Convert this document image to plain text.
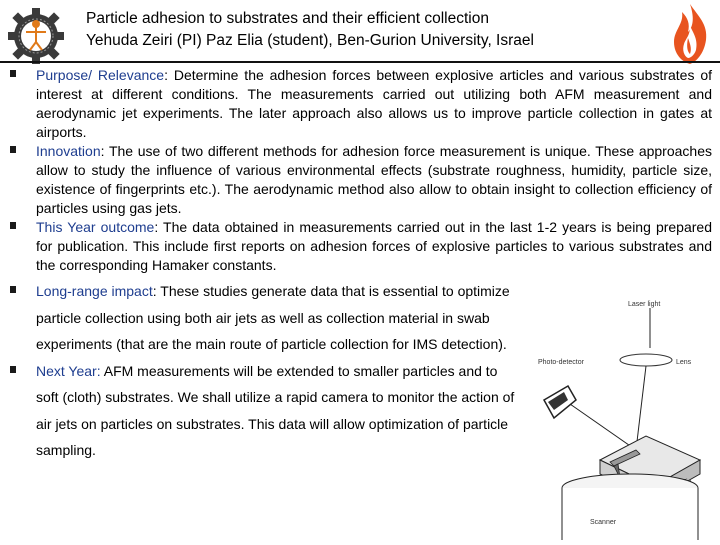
Particle adhesion to substrates and their efficient collection
Yehuda Zeiri (PI) Paz Elia (student), Ben-Gurion University, Israel

Purpose/ Relevance: Determine the adhesion forces between explosive articles and various substrates of interest at different conditions. The measurements carried out utilizing both AFM measurement and aerodynamic jet experiments. The later approach also allows us to improve particle collection in gates at airports.

Innovation: The use of two different methods for adhesion force measurement is unique. These approaches allow to study the influence of various environmental effects (substrate roughness, humidity, particle size, existence of fingerprints etc.). The aerodynamic method also allow to obtain insight to collection efficiency of particles using gas jets.

This Year outcome: The data obtained in measurements carried out in the last 1-2 years is being prepared for publication. This include first reports on adhesion forces of explosive particles to various substrates and the corresponding Hamaker constants.

Long-range impact: These studies generate data that is essential to optimize particle collection using both air jets as well as collection material in swab experiments (that are the main route of particle collection for IMS detection).

Next Year: AFM measurements will be extended to smaller particles and to soft (cloth) substrates. We shall utilize a rapid camera to monitor the action of air jets on particles on substrates. This data will allow optimization of particle sampling.

Laser light
Lens
Photo-detector
Scanner
